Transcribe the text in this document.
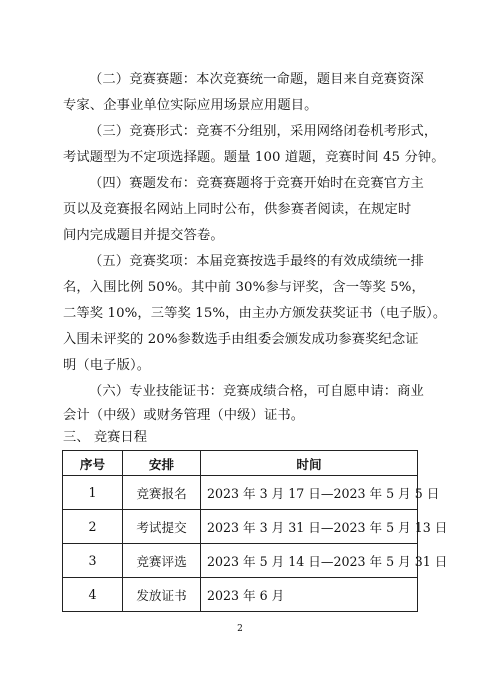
（二）竞赛赛题：本次竞赛统一命题，题目来自竞赛资深
专家、企事业单位实际应用场景应用题目。
（三）竞赛形式：竞赛不分组别，采用网络闭卷机考形式，
考试题型为不定项选择题。题量 100 道题，竞赛时间 45 分钟。
（四）赛题发布：竞赛赛题将于竞赛开始时在竞赛官方主
页以及竞赛报名网站上同时公布，供参赛者阅读，在规定时
间内完成题目并提交答卷。
（五）竞赛奖项：本届竞赛按选手最终的有效成绩统一排
名，入围比例 50%。其中前 30%参与评奖，含一等奖 5%，
二等奖 10%，三等奖 15%，由主办方颁发获奖证书（电子版）。
入围未评奖的 20%参数选手由组委会颁发成功参赛奖纪念证
明（电子版）。
（六）专业技能证书：竞赛成绩合格，可自愿申请：商业
会计（中级）或财务管理（中级）证书。
三、 竞赛日程
序号	安排	时间
1	竞赛报名	2023 年 3 月 17 日—2023 年 5 月 5 日
2	考试提交	2023 年 3 月 31 日—2023 年 5 月 13 日
3	竞赛评选	2023 年 5 月 14 日—2023 年 5 月 31 日
4	发放证书	2023 年 6 月
2
